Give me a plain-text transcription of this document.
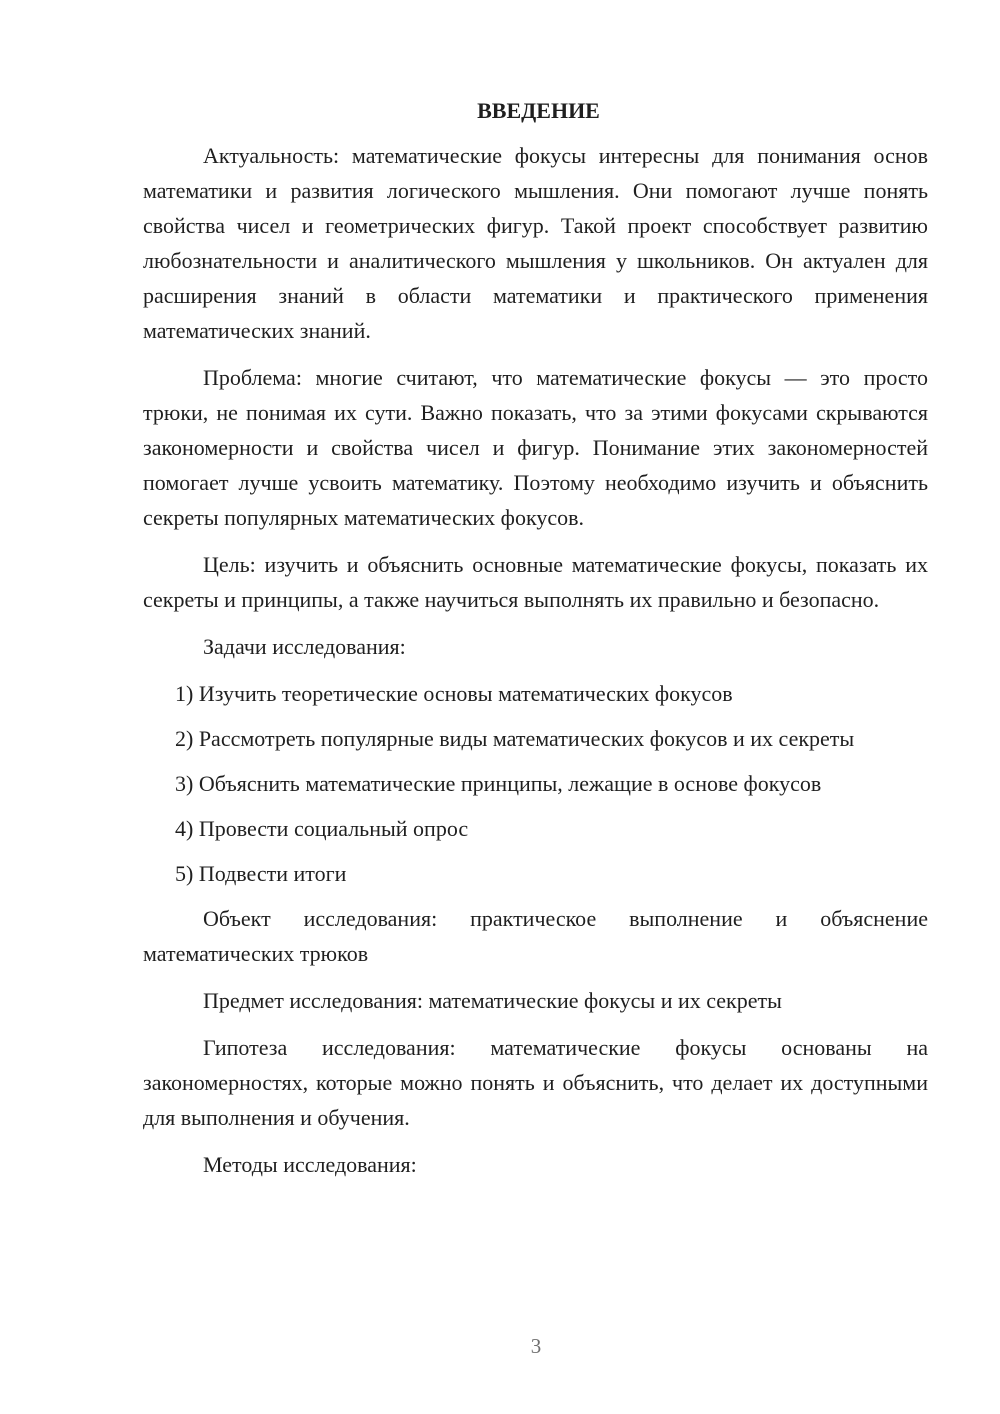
ВВЕДЕНИЕ

Актуальность: математические фокусы интересны для понимания основ математики и развития логического мышления. Они помогают лучше понять свойства чисел и геометрических фигур. Такой проект способствует развитию любознательности и аналитического мышления у школьников. Он актуален для расширения знаний в области математики и практического применения математических знаний.

Проблема: многие считают, что математические фокусы — это просто трюки, не понимая их сути. Важно показать, что за этими фокусами скрываются закономерности и свойства чисел и фигур. Понимание этих закономерностей помогает лучше усвоить математику. Поэтому необходимо изучить и объяснить секреты популярных математических фокусов.

Цель: изучить и объяснить основные математические фокусы, показать их секреты и принципы, а также научиться выполнять их правильно и безопасно.

Задачи исследования:

1) Изучить теоретические основы математических фокусов

2) Рассмотреть популярные виды математических фокусов и их секреты

3) Объяснить математические принципы, лежащие в основе фокусов

4) Провести социальный опрос

5) Подвести итоги

Объект исследования: практическое выполнение и объяснение математических трюков

Предмет исследования: математические фокусы и их секреты

Гипотеза исследования: математические фокусы основаны на закономерностях, которые можно понять и объяснить, что делает их доступными для выполнения и обучения.

Методы исследования:

3
